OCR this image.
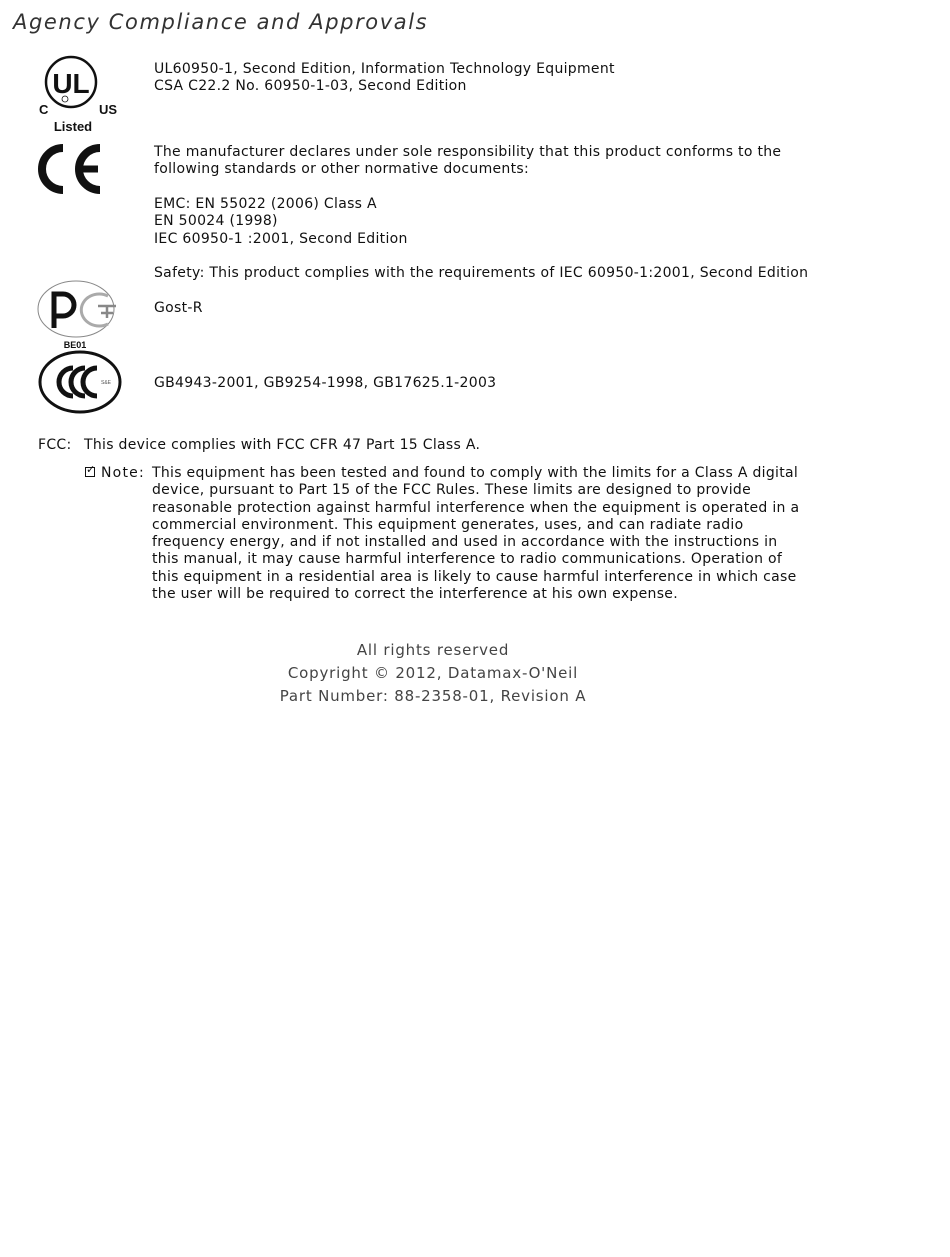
Agency Compliance and Approvals
UL
C	US
Listed
UL60950-1, Second Edition, Information Technology Equipment
CSA C22.2 No. 60950-1-03, Second Edition
The manufacturer declares under sole responsibility that this product conforms to the
following standards or other normative documents:
EMC: EN 55022 (2006) Class A
EN 50024 (1998)
IEC 60950-1 :2001, Second Edition
Safety: This product complies with the requirements of IEC 60950-1:2001, Second Edition
BE01
Gost-R
S&E	GB4943-2001, GB9254-1998, GB17625.1-2003
FCC: This device complies with FCC CFR 47 Part 15 Class A.
✓ Note: This equipment has been tested and found to comply with the limits for a Class A digital
device, pursuant to Part 15 of the FCC Rules. These limits are designed to provide
reasonable protection against harmful interference when the equipment is operated in a
commercial environment. This equipment generates, uses, and can radiate radio
frequency energy, and if not installed and used in accordance with the instructions in
this manual, it may cause harmful interference to radio communications. Operation of
this equipment in a residential area is likely to cause harmful interference in which case
the user will be required to correct the interference at his own expense.
All rights reserved
Copyright © 2012, Datamax-O'Neil
Part Number: 88-2358-01, Revision A
